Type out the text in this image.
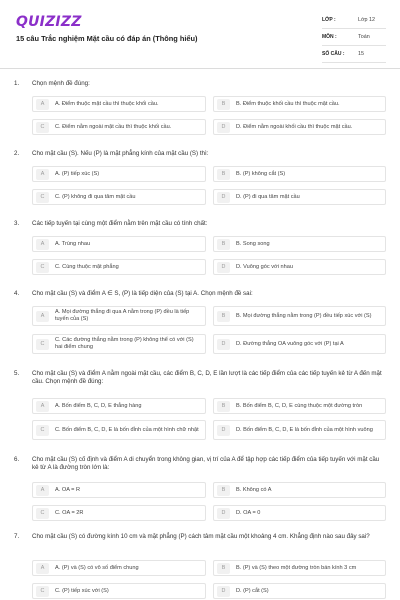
QUIZIZZ
15 câu Trắc nghiệm Mặt cầu có đáp án (Thông hiểu)
LỚP :	Lớp 12
MÔN :	Toán
SỐ CÂU :	15
1. Chọn mệnh đề đúng:
A	A. Điểm thuộc mặt cầu thì thuộc khối cầu.	B	B. Điểm thuộc khối cầu thì thuộc mặt cầu.
C	C. Điểm nằm ngoài mặt cầu thì thuộc khối cầu.	D	D. Điểm nằm ngoài khối cầu thì thuộc mặt cầu.
2. Cho mặt cầu (S). Nếu (P) là mặt phẳng kính của mặt cầu (S) thì:
A	A. (P) tiếp xúc (S)	B	B. (P) không cắt (S)
C	C. (P) không đi qua tâm mặt cầu	D	D. (P) đi qua tâm mặt cầu
3. Các tiếp tuyến tại cùng một điểm nằm trên mặt cầu có tính chất:
A	A. Trùng nhau	B	B. Song song
C	C. Cùng thuộc mặt phẳng	D	D. Vuông góc với nhau
4. Cho mặt cầu (S) và điểm A ∈ S, (P) là tiếp diện của (S) tại A. Chọn mệnh đề sai:
A
A. Mọi đường thẳng đi qua A nằm trong (P) đều là tiếp tuyến của (S)	B	B. Mọi đường thẳng nằm trong (P) đều tiếp xúc với (S)
C
C. Các đường thẳng nằm trong (P) không thể có với (S) hai điểm chung	D	D. Đường thẳng OA vuông góc với (P) tại A
5. Cho mặt cầu (S) và điểm A nằm ngoài mặt cầu, các điểm B, C, D, E lần lượt là các tiếp điểm của các tiếp tuyến kẻ từ A đến mặt cầu. Chọn mệnh đề đúng:
A	A. Bốn điểm B, C, D, E thẳng hàng	B	B. Bốn điểm B, C, D, E cùng thuộc một đường tròn
C	C. Bốn điểm B, C, D, E là bốn đỉnh của một hình chữ nhật	D	D. Bốn điểm B, C, D, E là bốn đỉnh của một hình vuông
6. Cho mặt cầu (S) cố định và điểm A di chuyển trong không gian, vị trí của A để tập hợp các tiếp điểm của tiếp tuyến với mặt cầu kẻ từ A là đường tròn lớn là:
A	A. OA = R	B	B. Không có A
C	C. OA = 2R	D	D. OA = 0
7. Cho mặt cầu (S) có đường kính 10 cm và mặt phẳng (P) cách tâm mặt cầu một khoảng 4 cm. Khẳng định nào sau đây sai?
A	A. (P) và (S) có vô số điểm chung	B	B. (P) và (S) theo một đường tròn bán kính 3 cm
C	C. (P) tiếp xúc với (S)	D	D. (P) cắt (S)
